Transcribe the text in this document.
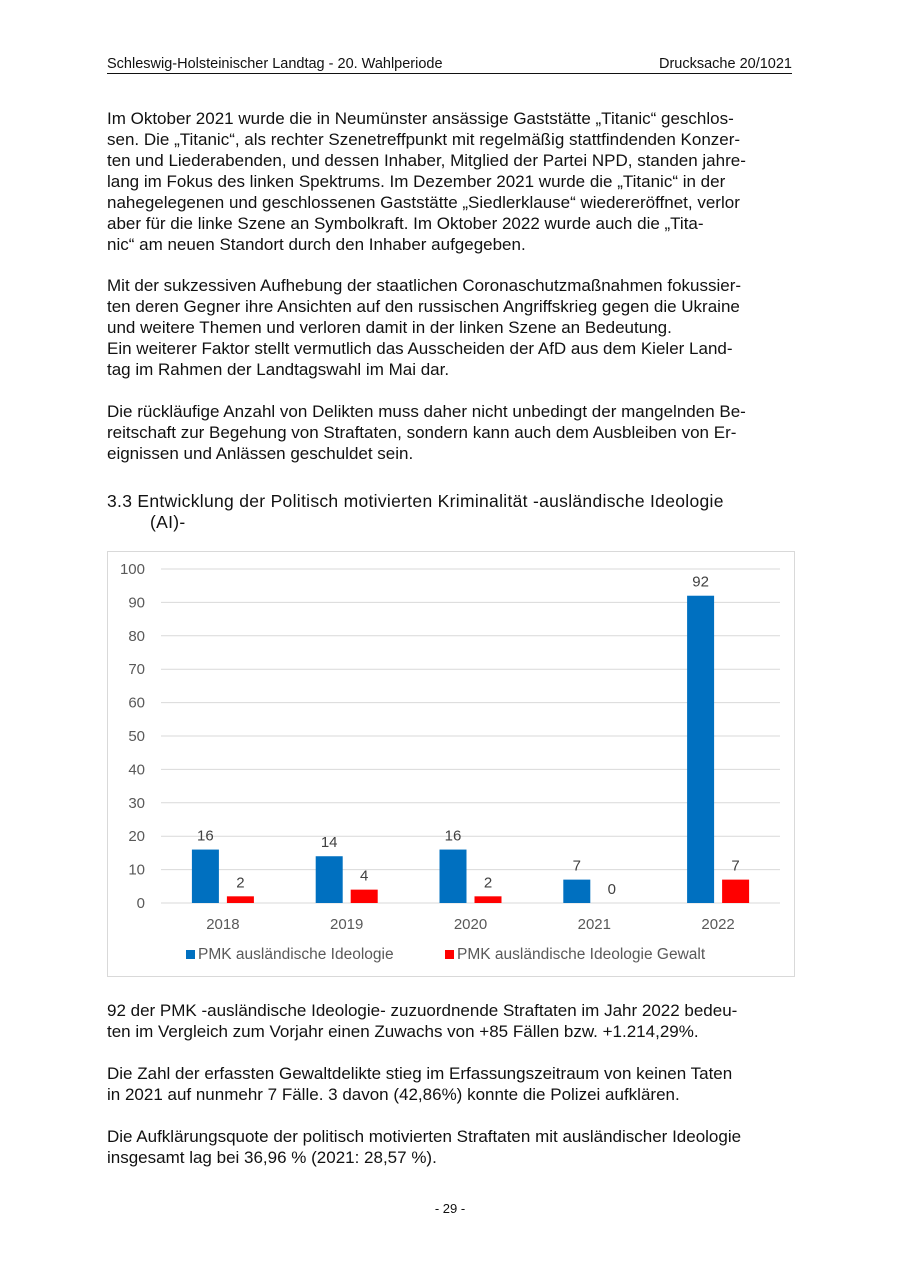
Schleswig-Holsteinischer Landtag - 20. Wahlperiode	Drucksache 20/1021

Im Oktober 2021 wurde die in Neumünster ansässige Gaststätte „Titanic“ geschlos-
sen. Die „Titanic“, als rechter Szenetreffpunkt mit regelmäßig stattfindenden Konzer-
ten und Liederabenden, und dessen Inhaber, Mitglied der Partei NPD, standen jahre-
lang im Fokus des linken Spektrums. Im Dezember 2021 wurde die „Titanic“ in der
nahegelegenen und geschlossenen Gaststätte „Siedlerklause“ wiedereröffnet, verlor
aber für die linke Szene an Symbolkraft. Im Oktober 2022 wurde auch die „Tita-
nic“ am neuen Standort durch den Inhaber aufgegeben.

Mit der sukzessiven Aufhebung der staatlichen Coronaschutzmaßnahmen fokussier-
ten deren Gegner ihre Ansichten auf den russischen Angriffskrieg gegen die Ukraine
und weitere Themen und verloren damit in der linken Szene an Bedeutung.
Ein weiterer Faktor stellt vermutlich das Ausscheiden der AfD aus dem Kieler Land-
tag im Rahmen der Landtagswahl im Mai dar.

Die rückläufige Anzahl von Delikten muss daher nicht unbedingt der mangelnden Be-
reitschaft zur Begehung von Straftaten, sondern kann auch dem Ausbleiben von Er-
eignissen und Anlässen geschuldet sein.

3.3 Entwicklung der Politisch motivierten Kriminalität -ausländische Ideologie
(AI)-
0
10
20
30
40
50
60
70
80
90
100
16
2
2018
14
4
2019
16
2
2020
7
0
2021
92
7
2022
PMK ausländische Ideologie	PMK ausländische Ideologie Gewalt

92 der PMK -ausländische Ideologie- zuzuordnende Straftaten im Jahr 2022 bedeu-
ten im Vergleich zum Vorjahr einen Zuwachs von +85 Fällen bzw. +1.214,29%.

Die Zahl der erfassten Gewaltdelikte stieg im Erfassungszeitraum von keinen Taten
in 2021 auf nunmehr 7 Fälle. 3 davon (42,86%) konnte die Polizei aufklären.

Die Aufklärungsquote der politisch motivierten Straftaten mit ausländischer Ideologie
insgesamt lag bei 36,96 % (2021: 28,57 %).

- 29 -
